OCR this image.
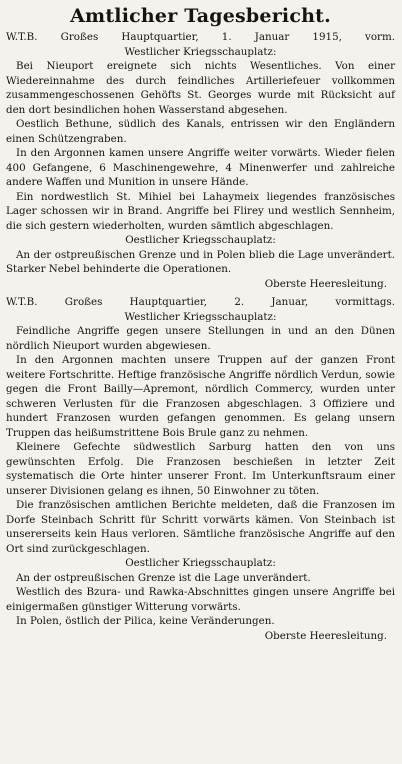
Amtlicher Tagesbericht.

W.T.B. Großes Hauptquartier, 1. Januar 1915, vorm.

Westlicher Kriegsschauplatz:

Bei Nieuport ereignete sich nichts Wesentliches. Von einer Wiedereinnahme des durch feindliches Artilleriefeuer vollkommen zusammengeschossenen Gehöfts St. Georges wurde mit Rücksicht auf den dort besindlichen hohen Wasserstand abgesehen.

Oestlich Bethune, südlich des Kanals, entrissen wir den Engländern einen Schützengraben.

In den Argonnen kamen unsere Angriffe weiter vorwärts. Wieder fielen 400 Gefangene, 6 Maschinengewehre, 4 Minenwerfer und zahlreiche andere Waffen und Munition in unsere Hände.

Ein nordwestlich St. Mihiel bei Lahaymeix liegendes französisches Lager schossen wir in Brand. Angriffe bei Flirey und westlich Sennheim, die sich gestern wiederholten, wurden sämtlich abgeschlagen.

Oestlicher Kriegsschauplatz:

An der ostpreußischen Grenze und in Polen blieb die Lage unverändert. Starker Nebel behinderte die Operationen.

Oberste Heeresleitung.

W.T.B. Großes Hauptquartier, 2. Januar, vormittags.

Westlicher Kriegsschauplatz:

Feindliche Angriffe gegen unsere Stellungen in und an den Dünen nördlich Nieuport wurden abgewiesen.

In den Argonnen machten unsere Truppen auf der ganzen Front weitere Fortschritte. Heftige französische Angriffe nördlich Verdun, sowie gegen die Front Bailly—Apremont, nördlich Commercy, wurden unter schweren Verlusten für die Franzosen abgeschlagen. 3 Offiziere und hundert Franzosen wurden gefangen genommen. Es gelang unsern Truppen das heißumstrittene Bois Brule ganz zu nehmen.

Kleinere Gefechte südwestlich Sarburg hatten den von uns gewünschten Erfolg. Die Franzosen beschießen in letzter Zeit systematisch die Orte hinter unserer Front. Im Unterkunftsraum einer unserer Divisionen gelang es ihnen, 50 Einwohner zu töten.

Die französischen amtlichen Berichte meldeten, daß die Franzosen im Dorfe Steinbach Schritt für Schritt vorwärts kämen. Von Steinbach ist unsererseits kein Haus verloren. Sämtliche französische Angriffe auf den Ort sind zurückgeschlagen.

Oestlicher Kriegsschauplatz:

An der ostpreußischen Grenze ist die Lage unverändert.

Westlich des Bzura- und Rawka-Abschnittes gingen unsere Angriffe bei einigermaßen günstiger Witterung vorwärts.

In Polen, östlich der Pilica, keine Veränderungen.

Oberste Heeresleitung.
